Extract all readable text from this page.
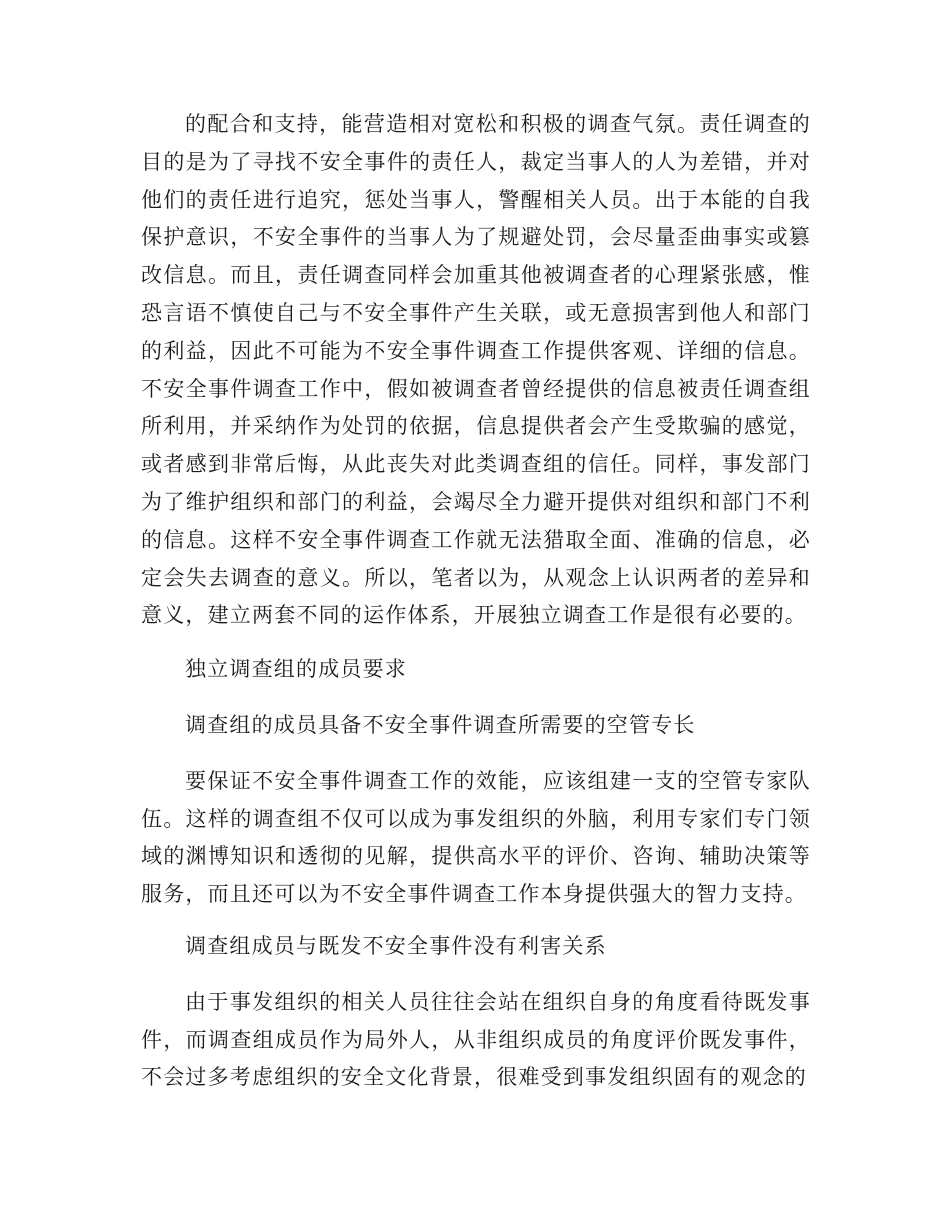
的配合和支持，能营造相对宽松和积极的调查气氛。责任调查的目的是为了寻找不安全事件的责任人，裁定当事人的人为差错，并对他们的责任进行追究，惩处当事人，警醒相关人员。出于本能的自我保护意识，不安全事件的当事人为了规避处罚，会尽量歪曲事实或篡改信息。而且，责任调查同样会加重其他被调查者的心理紧张感，惟恐言语不慎使自己与不安全事件产生关联，或无意损害到他人和部门的利益，因此不可能为不安全事件调查工作提供客观、详细的信息。不安全事件调查工作中，假如被调查者曾经提供的信息被责任调查组所利用，并采纳作为处罚的依据，信息提供者会产生受欺骗的感觉，或者感到非常后悔，从此丧失对此类调查组的信任。同样，事发部门为了维护组织和部门的利益，会竭尽全力避开提供对组织和部门不利的信息。这样不安全事件调查工作就无法猎取全面、准确的信息，必定会失去调查的意义。所以，笔者以为，从观念上认识两者的差异和意义，建立两套不同的运作体系，开展独立调查工作是很有必要的。

独立调查组的成员要求

调查组的成员具备不安全事件调查所需要的空管专长

要保证不安全事件调查工作的效能，应该组建一支的空管专家队伍。这样的调查组不仅可以成为事发组织的外脑，利用专家们专门领域的渊博知识和透彻的见解，提供高水平的评价、咨询、辅助决策等服务，而且还可以为不安全事件调查工作本身提供强大的智力支持。

调查组成员与既发不安全事件没有利害关系

由于事发组织的相关人员往往会站在组织自身的角度看待既发事件，而调查组成员作为局外人，从非组织成员的角度评价既发事件，不会过多考虑组织的安全文化背景，很难受到事发组织固有的观念的
